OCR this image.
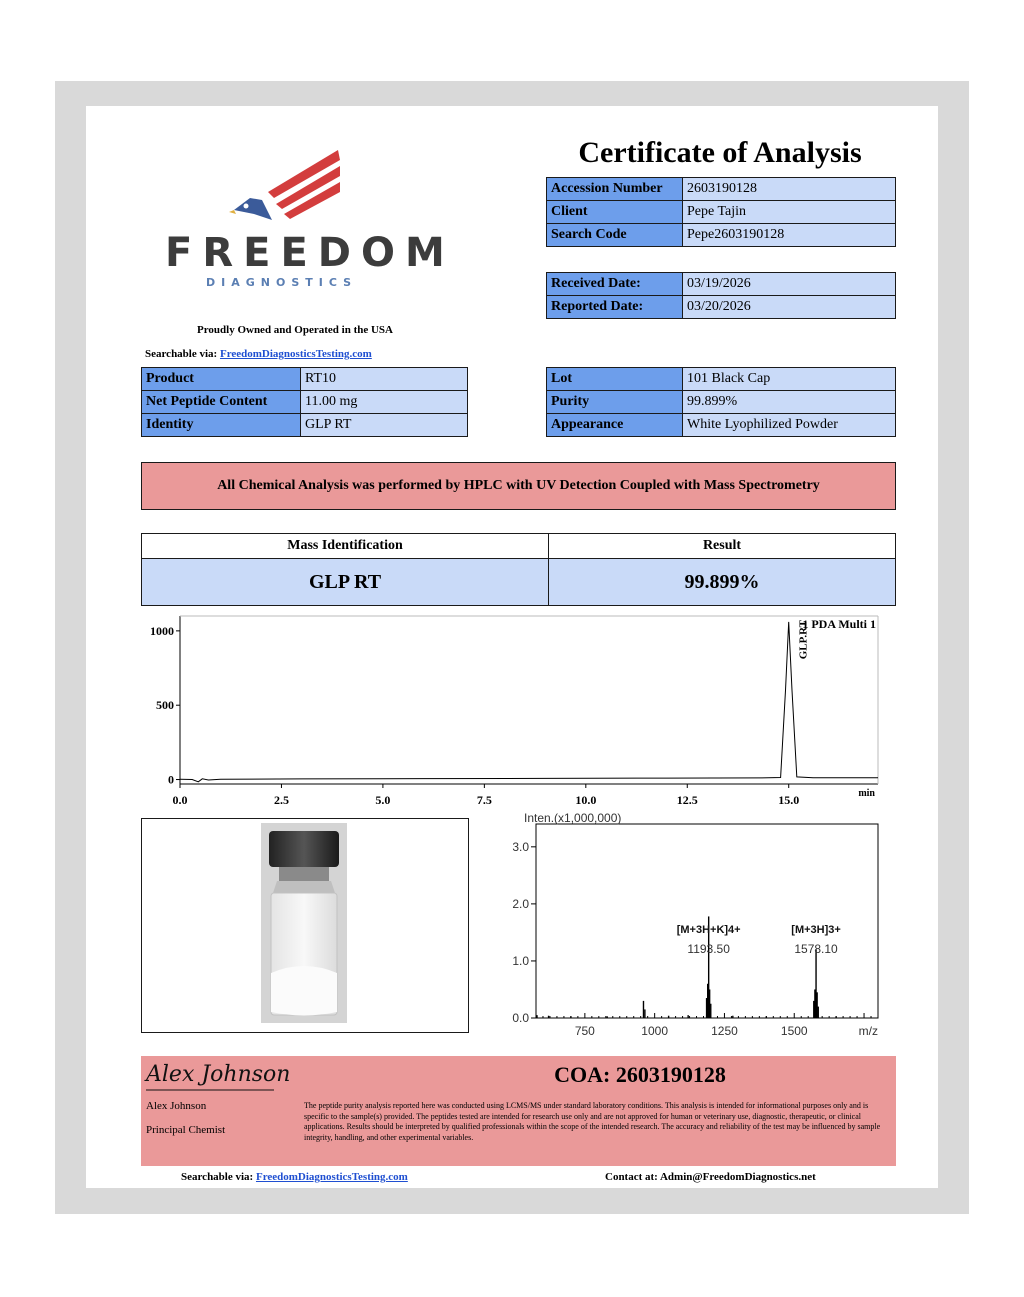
FREEDOM
DIAGNOSTICS
Proudly Owned and Operated in the USA
Searchable via: FreedomDiagnosticsTesting.com
Certificate of Analysis
Accession Number	2603190128
Client	Pepe Tajin
Search Code	Pepe2603190128
Received Date:	03/19/2026
Reported Date:	03/20/2026
Product	RT10
Net Peptide Content	11.00 mg
Identity	GLP RT
Lot	101 Black Cap
Purity	99.899%
Appearance	White Lyophilized Powder
All Chemical Analysis was performed by HPLC with UV Detection Coupled with Mass Spectrometry
Mass Identification	Result
GLP RT	99.899%
0
500
1000
0.0	2.5	5.0	7.5	10.0	12.5	15.0	min
1 PDA Multi 1
GLP.RT
Inten.(x1,000,000)
0.0
1.0
2.0
3.0
750	1000	1250	1500	m/z
[M+3H+K]4+
1193.50
[M+3H]3+
1578.10
Alex Johnson
Alex Johnson
Principal Chemist
COA: 2603190128
The peptide purity analysis reported here was conducted using LCMS/MS under standard laboratory conditions. This analysis is intended for informational purposes only and is specific to the sample(s) provided. The peptides tested are intended for research use only and are not approved for human or veterinary use, diagnostic, therapeutic, or clinical applications. Results should be interpreted by qualified professionals within the scope of the intended research. The accuracy and reliability of the test may be influenced by sample integrity, handling, and other experimental variables.
Searchable via: FreedomDiagnosticsTesting.com	Contact at: Admin@FreedomDiagnostics.net
